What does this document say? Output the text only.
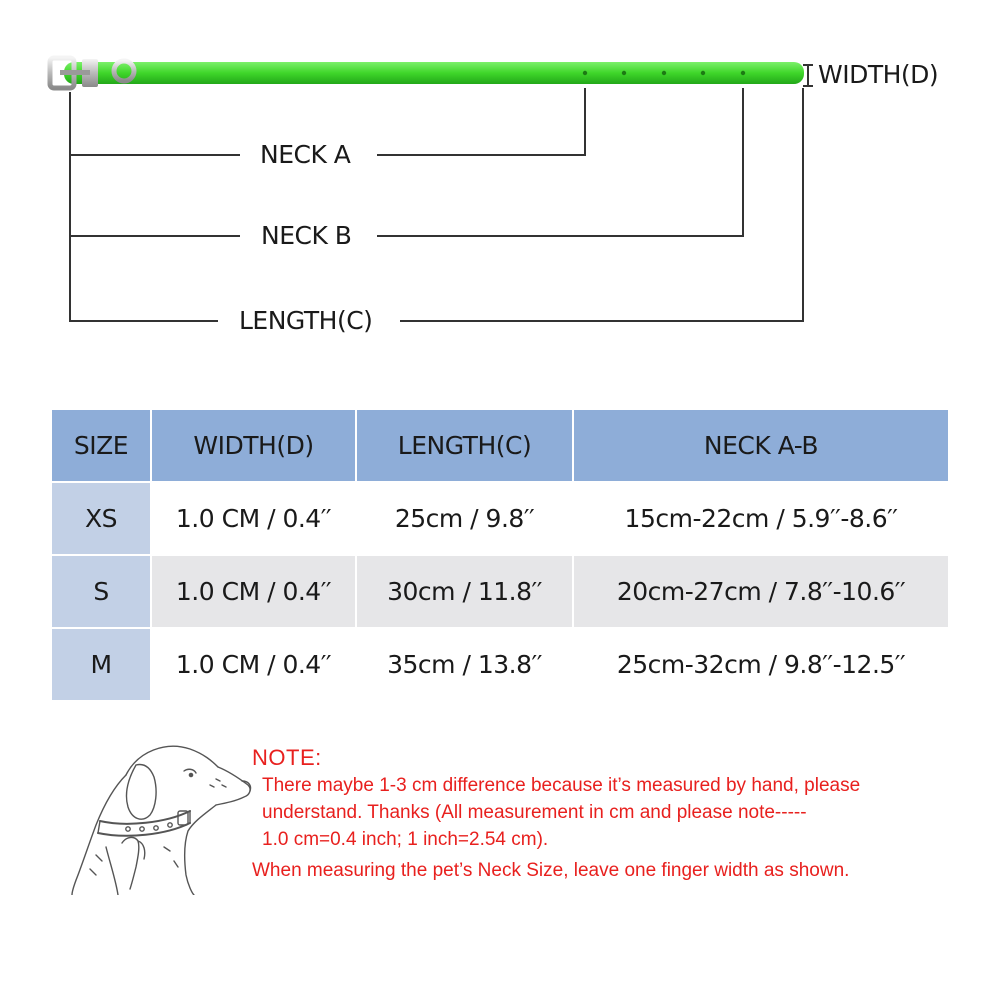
NECK A
NECK B
LENGTH(C)
WIDTH(D)
SIZE	WIDTH(D)	LENGTH(C)	NECK A-B
XS	1.0 CM / 0.4′′	25cm / 9.8′′	15cm-22cm / 5.9′′-8.6′′
S	1.0 CM / 0.4′′	30cm / 11.8′′	20cm-27cm / 7.8′′-10.6′′
M	1.0 CM / 0.4′′	35cm / 13.8′′	25cm-32cm / 9.8′′-12.5′′
NOTE:
There maybe 1-3 cm difference because it’s measured by hand, please
understand. Thanks (All measurement in cm and please note-----
1.0 cm=0.4 inch; 1 inch=2.54 cm).
When measuring the pet’s Neck Size, leave one finger width as shown.
